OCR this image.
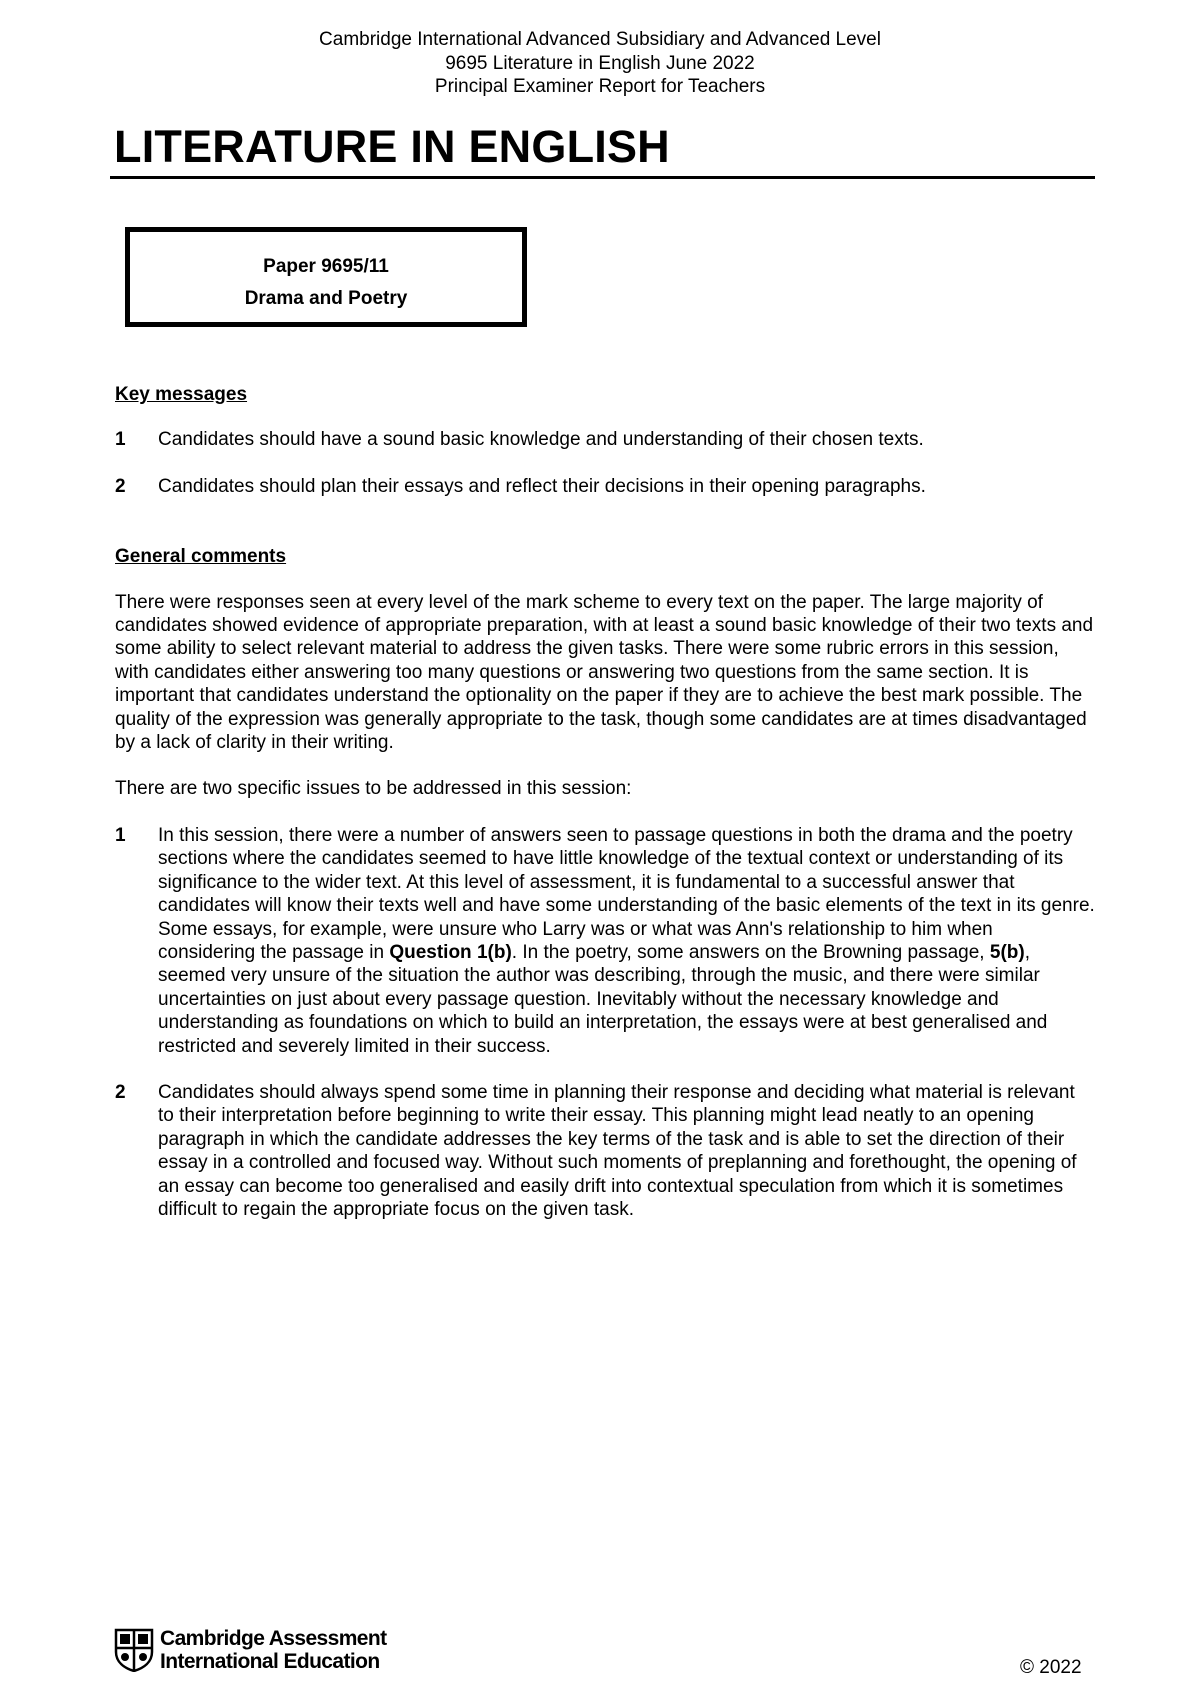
Cambridge International Advanced Subsidiary and Advanced Level
9695 Literature in English June 2022
Principal Examiner Report for Teachers
LITERATURE IN ENGLISH
Paper 9695/11
Drama and Poetry
Key messages
1	Candidates should have a sound basic knowledge and understanding of their chosen texts.
2	Candidates should plan their essays and reflect their decisions in their opening paragraphs.
General comments
There were responses seen at every level of the mark scheme to every text on the paper. The large majority of candidates showed evidence of appropriate preparation, with at least a sound basic knowledge of their two texts and some ability to select relevant material to address the given tasks. There were some rubric errors in this session, with candidates either answering too many questions or answering two questions from the same section. It is important that candidates understand the optionality on the paper if they are to achieve the best mark possible. The quality of the expression was generally appropriate to the task, though some candidates are at times disadvantaged by a lack of clarity in their writing.
There are two specific issues to be addressed in this session:
1	In this session, there were a number of answers seen to passage questions in both the drama and the poetry sections where the candidates seemed to have little knowledge of the textual context or understanding of its significance to the wider text. At this level of assessment, it is fundamental to a successful answer that candidates will know their texts well and have some understanding of the basic elements of the text in its genre. Some essays, for example, were unsure who Larry was or what was Ann's relationship to him when considering the passage in Question 1(b). In the poetry, some answers on the Browning passage, 5(b), seemed very unsure of the situation the author was describing, through the music, and there were similar uncertainties on just about every passage question. Inevitably without the necessary knowledge and understanding as foundations on which to build an interpretation, the essays were at best generalised and restricted and severely limited in their success.
2	Candidates should always spend some time in planning their response and deciding what material is relevant to their interpretation before beginning to write their essay. This planning might lead neatly to an opening paragraph in which the candidate addresses the key terms of the task and is able to set the direction of their essay in a controlled and focused way. Without such moments of preplanning and forethought, the opening of an essay can become too generalised and easily drift into contextual speculation from which it is sometimes difficult to regain the appropriate focus on the given task.
Cambridge Assessment
International Education	© 2022
